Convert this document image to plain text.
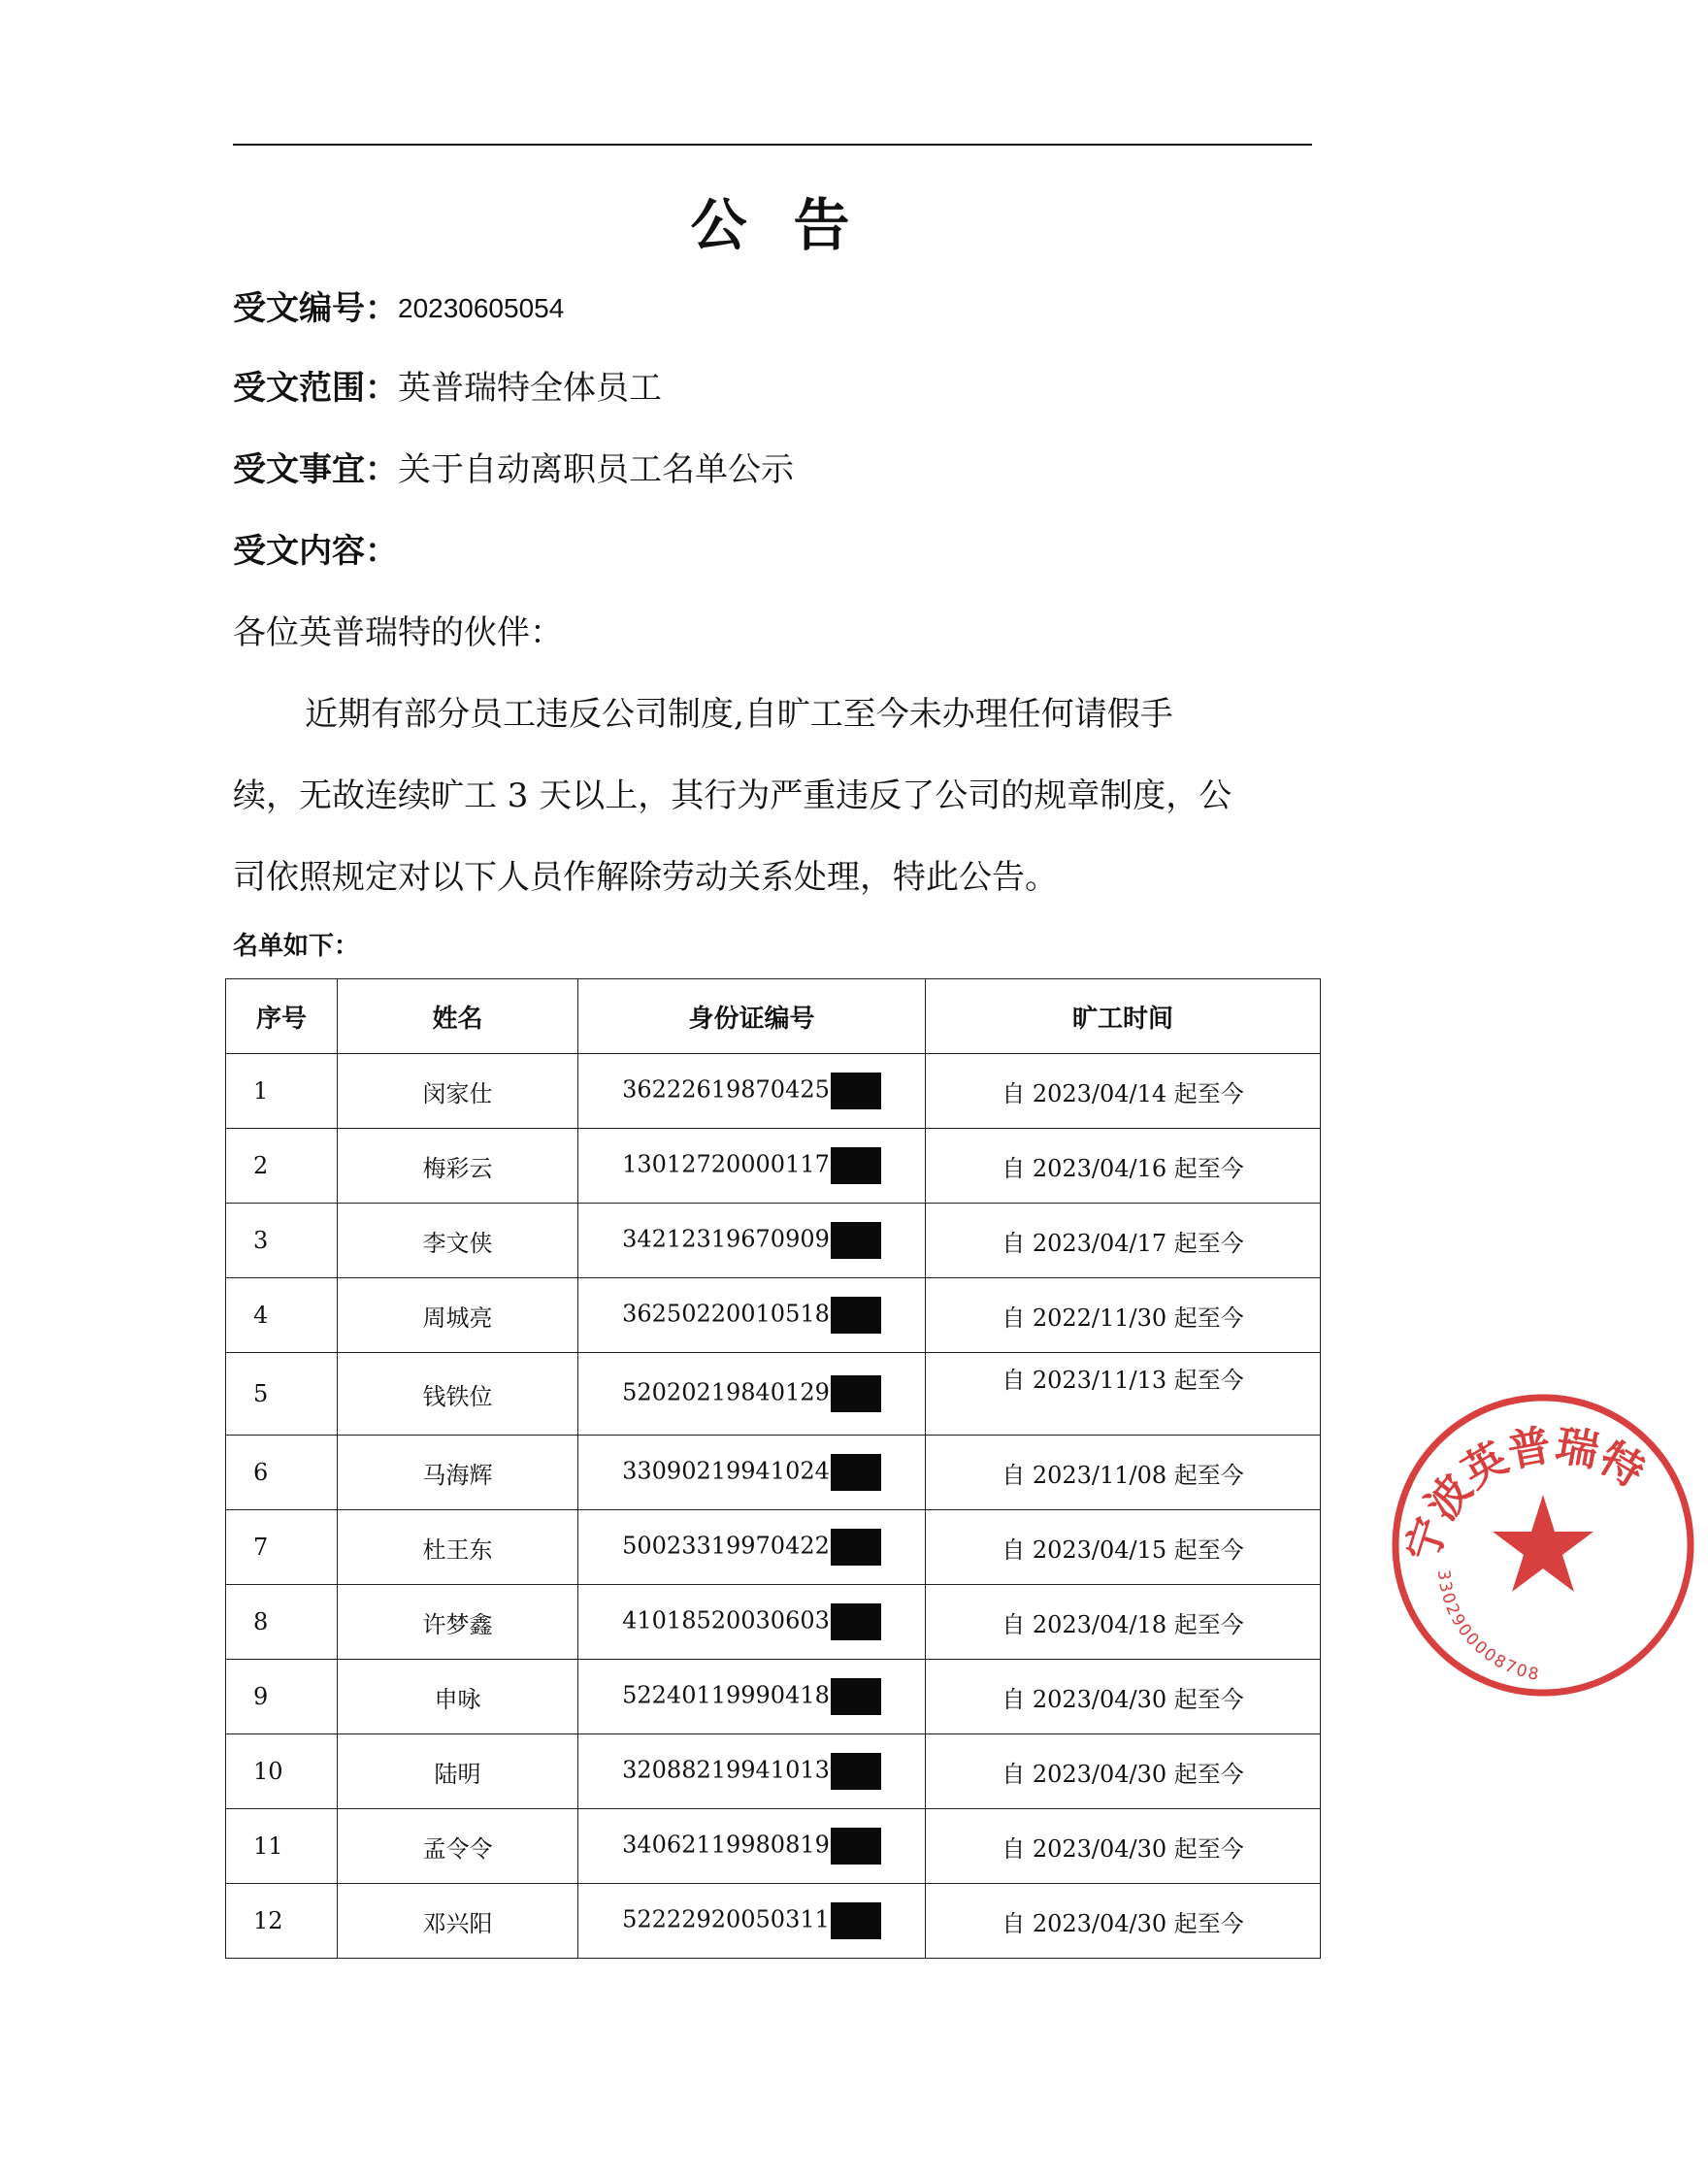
公告
受文编号：20230605054
受文范围：英普瑞特全体员工
受文事宜：关于自动离职员工名单公示
受文内容：
各位英普瑞特的伙伴：
近期有部分员工违反公司制度,自旷工至今未办理任何请假手
续，无故连续旷工 3 天以上，其行为严重违反了公司的规章制度，公
司依照规定对以下人员作解除劳动关系处理，特此公告。
名单如下：
序号	姓名	身份证编号	旷工时间
1	闵家仕	36222619870425	自 2023/04/14 起至今
2	梅彩云	13012720000117	自 2023/04/16 起至今
3	李文侠	34212319670909	自 2023/04/17 起至今
4	周城亮	36250220010518	自 2022/11/30 起至今
5	钱铁位	52020219840129	自 2023/11/13 起至今
6	马海辉	33090219941024	自 2023/11/08 起至今
7	杜王东	50023319970422	自 2023/04/15 起至今
8	许梦鑫	41018520030603	自 2023/04/18 起至今
9	申咏	52240119990418	自 2023/04/30 起至今
10	陆明	32088219941013	自 2023/04/30 起至今
11	孟令令	34062119980819	自 2023/04/30 起至今
12	邓兴阳	52222920050311	自 2023/04/30 起至今
宁波英普瑞特
3302900008708
